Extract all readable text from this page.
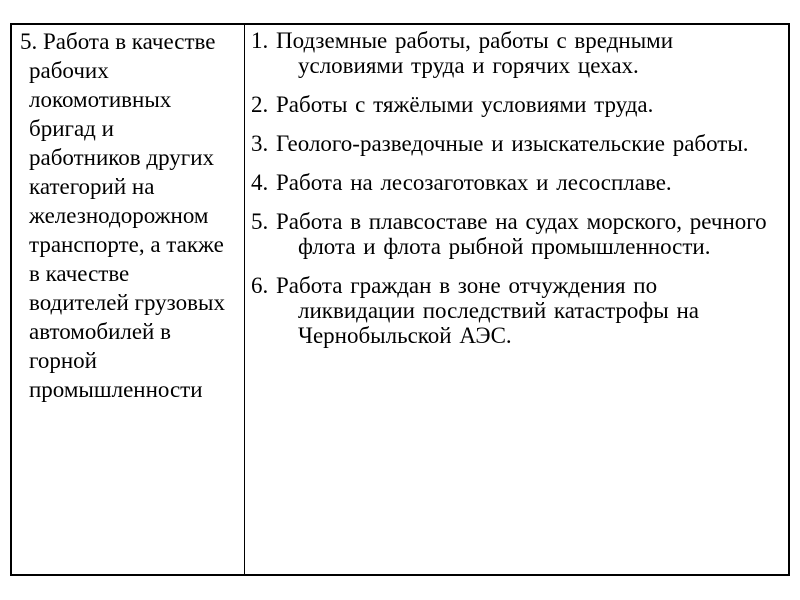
5. Работа в качестве
рабочих
локомотивных
бригад и
работников других
категорий на
железнодорожном
транспорте, а также
в качестве
водителей грузовых
автомобилей в
горной
промышленности
1. Подземные работы, работы с вредными
условиями труда и горячих цехах.
2. Работы с тяжёлыми условиями труда.
3. Геолого-разведочные и изыскательские работы.
4. Работа на лесозаготовках и лесосплаве.
5. Работа в плавсоставе на судах морского, речного
флота и флота рыбной промышленности.
6. Работа граждан в зоне отчуждения по
ликвидации последствий катастрофы на
Чернобыльской АЭС.
